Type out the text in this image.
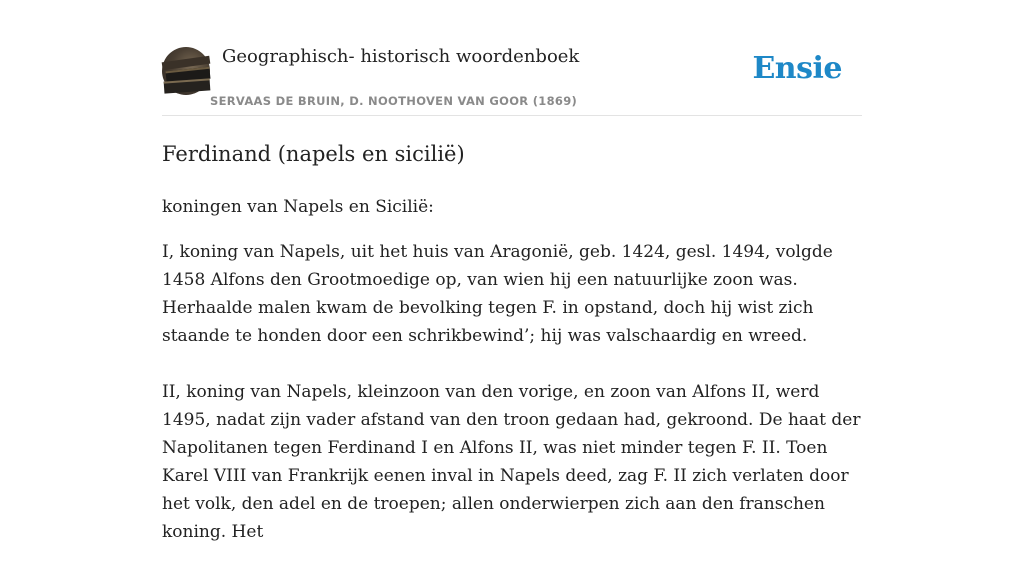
Geographisch- historisch woordenboek
SERVAAS DE BRUIN, D. NOOTHOVEN VAN GOOR (1869)
Ensie
Ferdinand (napels en sicilië)

koningen van Napels en Sicilië:

I, koning van Napels, uit het huis van Aragonië, geb. 1424, gesl. 1494, volgde 1458 Alfons den Grootmoedige op, van wien hij een natuurlijke zoon was. Herhaalde malen kwam de bevolking tegen F. in opstand, doch hij wist zich staande te honden door een schrikbewind’; hij was valschaardig en wreed.

II, koning van Napels, kleinzoon van den vorige, en zoon van Alfons II, werd 1495, nadat zijn vader afstand van den troon gedaan had, gekroond. De haat der Napolitanen tegen Ferdinand I en Alfons II, was niet minder tegen F. II. Toen Karel VIII van Frankrijk eenen inval in Napels deed, zag F. II zich verlaten door het volk, den adel en de troepen; allen onderwierpen zich aan den franschen koning. Het
